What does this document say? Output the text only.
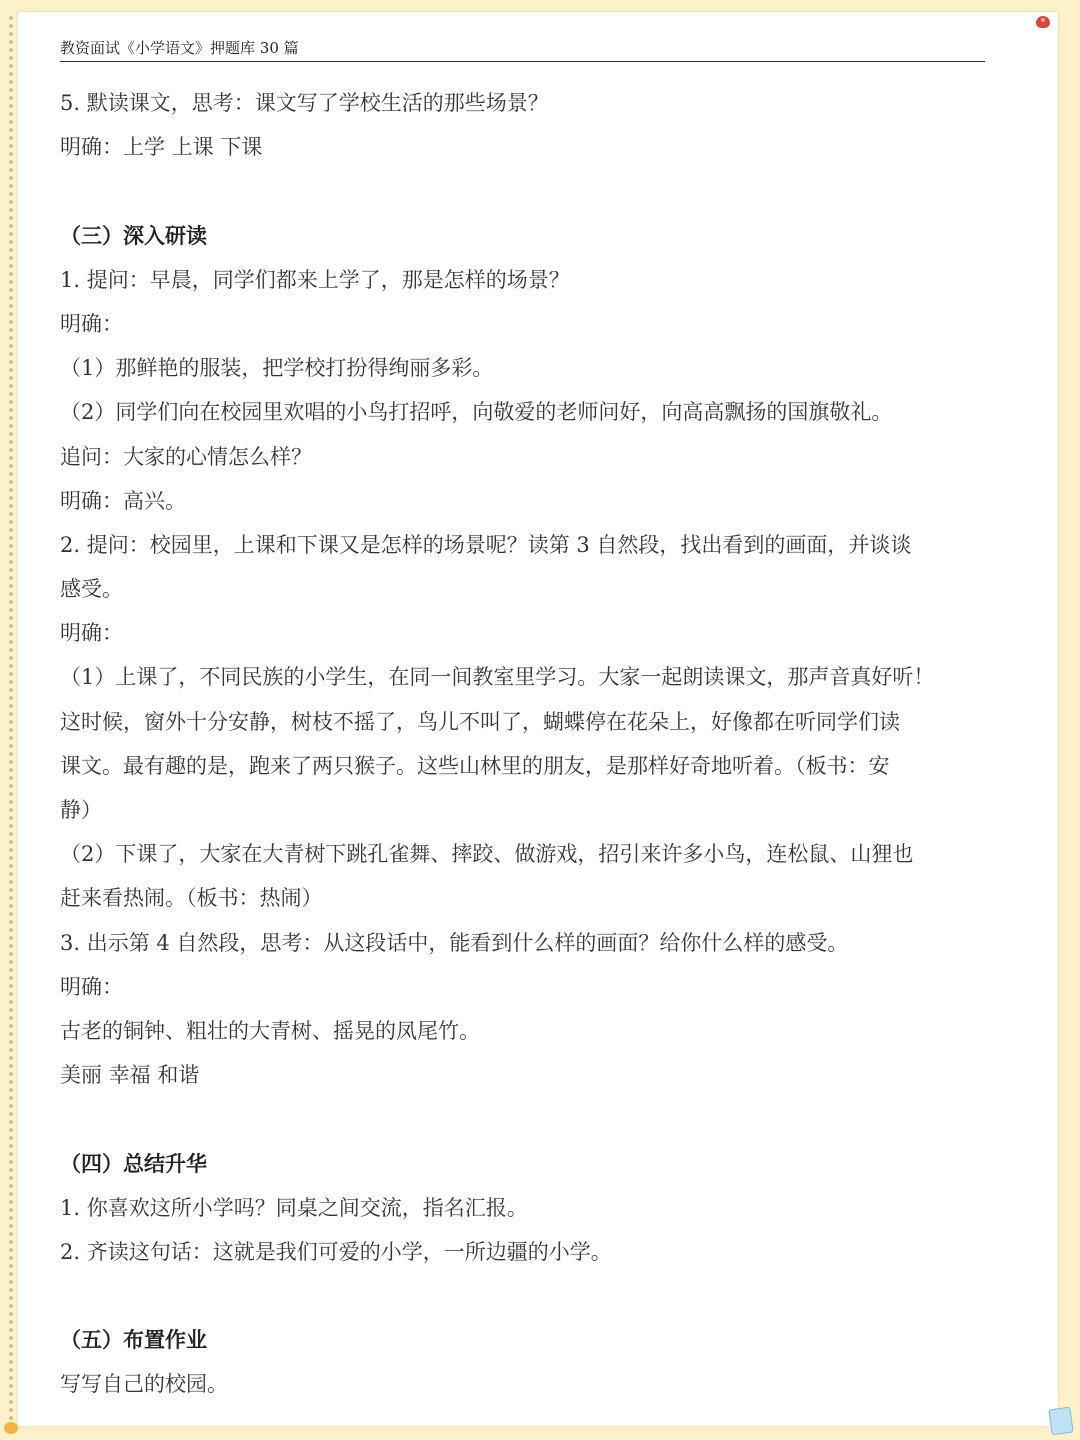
教资面试《小学语文》押题库 30 篇
5. 默读课文，思考：课文写了学校生活的那些场景？
明确：上学 上课 下课
（三）深入研读
1. 提问：早晨，同学们都来上学了，那是怎样的场景？
明确：
（1）那鲜艳的服装，把学校打扮得绚丽多彩。
（2）同学们向在校园里欢唱的小鸟打招呼，向敬爱的老师问好，向高高飘扬的国旗敬礼。
追问：大家的心情怎么样？
明确：高兴。
2. 提问：校园里，上课和下课又是怎样的场景呢？读第 3 自然段，找出看到的画面，并谈谈
感受。
明确：
（1）上课了，不同民族的小学生，在同一间教室里学习。大家一起朗读课文，那声音真好听！
这时候，窗外十分安静，树枝不摇了，鸟儿不叫了，蝴蝶停在花朵上，好像都在听同学们读
课文。最有趣的是，跑来了两只猴子。这些山林里的朋友，是那样好奇地听着。（板书：安
静）
（2）下课了，大家在大青树下跳孔雀舞、摔跤、做游戏，招引来许多小鸟，连松鼠、山狸也
赶来看热闹。（板书：热闹）
3. 出示第 4 自然段，思考：从这段话中，能看到什么样的画面？给你什么样的感受。
明确：
古老的铜钟、粗壮的大青树、摇晃的凤尾竹。
美丽 幸福 和谐
（四）总结升华
1. 你喜欢这所小学吗？同桌之间交流，指名汇报。
2. 齐读这句话：这就是我们可爱的小学，一所边疆的小学。
（五）布置作业
写写自己的校园。
